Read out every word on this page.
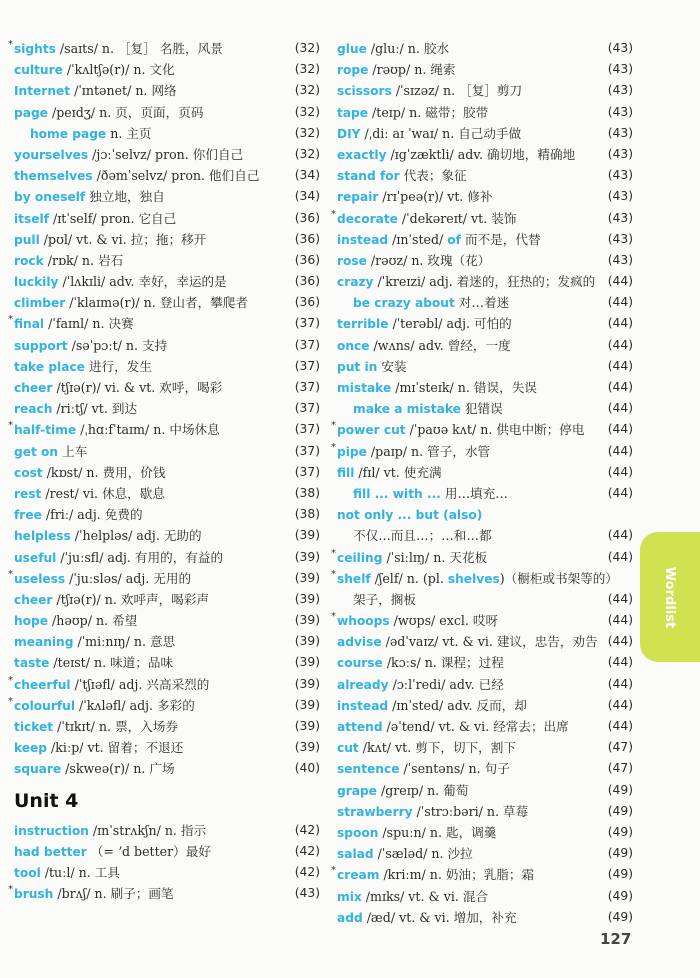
* sights /saɪts/ n. ［复］ 名胜，风景	(32)
culture /ˈkʌltʃə(r)/ n. 文化	(32)
Internet /ˈɪntənet/ n. 网络	(32)
page /peɪdʒ/ n. 页，页面，页码	(32)
home page n. 主页	(32)
yourselves /jɔːˈselvz/ pron. 你们自己	(32)
themselves /ðəmˈselvz/ pron. 他们自己	(34)
by oneself 独立地，独自	(34)
itself /ɪtˈself/ pron. 它自己	(36)
pull /pʊl/ vt. & vi. 拉；拖；移开	(36)
rock /rɒk/ n. 岩石	(36)
luckily /ˈlʌkɪli/ adv. 幸好，幸运的是	(36)
climber /ˈklaɪmə(r)/ n. 登山者，攀爬者	(36)
* final /ˈfaɪnl/ n. 决赛	(37)
support /səˈpɔːt/ n. 支持	(37)
take place 进行，发生	(37)
cheer /tʃɪə(r)/ vi. & vt. 欢呼，喝彩	(37)
reach /riːtʃ/ vt. 到达	(37)
* half-time /ˌhɑːfˈtaɪm/ n. 中场休息	(37)
get on 上车	(37)
cost /kɒst/ n. 费用，价钱	(37)
rest /rest/ vi. 休息，歇息	(38)
free /friː/ adj. 免费的	(38)
helpless /ˈhelpləs/ adj. 无助的	(39)
useful /ˈjuːsfl/ adj. 有用的，有益的	(39)
* useless /ˈjuːsləs/ adj. 无用的	(39)
cheer /tʃɪə(r)/ n. 欢呼声，喝彩声	(39)
hope /həʊp/ n. 希望	(39)
meaning /ˈmiːnɪŋ/ n. 意思	(39)
taste /teɪst/ n. 味道；品味	(39)
* cheerful /ˈtʃɪəfl/ adj. 兴高采烈的	(39)
* colourful /ˈkʌləfl/ adj. 多彩的	(39)
ticket /ˈtɪkɪt/ n. 票，入场券	(39)
keep /kiːp/ vt. 留着；不退还	(39)
square /skweə(r)/ n. 广场	(40)
Unit 4
instruction /ɪnˈstrʌkʃn/ n. 指示	(42)
had better （= ʼd better）最好	(42)
tool /tuːl/ n. 工具	(42)
* brush /brʌʃ/ n. 刷子；画笔	(43)
glue /gluː/ n. 胶水	(43)
rope /rəʊp/ n. 绳索	(43)
scissors /ˈsɪzəz/ n. ［复］剪刀	(43)
tape /teɪp/ n. 磁带；胶带	(43)
DIY /ˌdiː aɪ ˈwaɪ/ n. 自己动手做	(43)
exactly /ɪgˈzæktli/ adv. 确切地，精确地	(43)
stand for 代表；象征	(43)
repair /rɪˈpeə(r)/ vt. 修补	(43)
* decorate /ˈdekəreɪt/ vt. 装饰	(43)
instead /ɪnˈsted/ of 而不是，代替	(43)
rose /rəʊz/ n. 玫瑰（花）	(43)
crazy /ˈkreɪzi/ adj. 着迷的，狂热的；发疯的 (44)
be crazy about 对…着迷	(44)
terrible /ˈterəbl/ adj. 可怕的	(44)
once /wʌns/ adv. 曾经，一度	(44)
put in 安装	(44)
mistake /mɪˈsteɪk/ n. 错误，失误	(44)
make a mistake 犯错误	(44)
* power cut /ˈpaʊə kʌt/ n. 供电中断；停电 (44)
* pipe /paɪp/ n. 管子，水管	(44)
fill /fɪl/ vt. 使充满	(44)
fill ... with ... 用…填充…	(44)
not only ... but (also)
不仅…而且…；…和…都	(44)
* ceiling /ˈsiːlɪŋ/ n. 天花板	(44)
* shelf /ʃelf/ n. (pl. shelves)（橱柜或书架等的）
架子，搁板	(44)
* whoops /wʊps/ excl. 哎呀	(44)
advise /ədˈvaɪz/ vt. & vi. 建议，忠告，劝告 (44)
course /kɔːs/ n. 课程；过程	(44)
already /ɔːlˈredi/ adv. 已经	(44)
instead /ɪnˈsted/ adv. 反而，却	(44)
attend /əˈtend/ vt. & vi. 经常去；出席	(44)
cut /kʌt/ vt. 剪下，切下，割下	(47)
sentence /ˈsentəns/ n. 句子	(47)
grape /greɪp/ n. 葡萄	(49)
strawberry /ˈstrɔːbəri/ n. 草莓	(49)
spoon /spuːn/ n. 匙，调羹	(49)
salad /ˈsæləd/ n. 沙拉	(49)
* cream /kriːm/ n. 奶油；乳脂；霜	(49)
mix /mɪks/ vt. & vi. 混合	(49)
add /æd/ vt. & vi. 增加，补充	(49)
Wordlist
127
